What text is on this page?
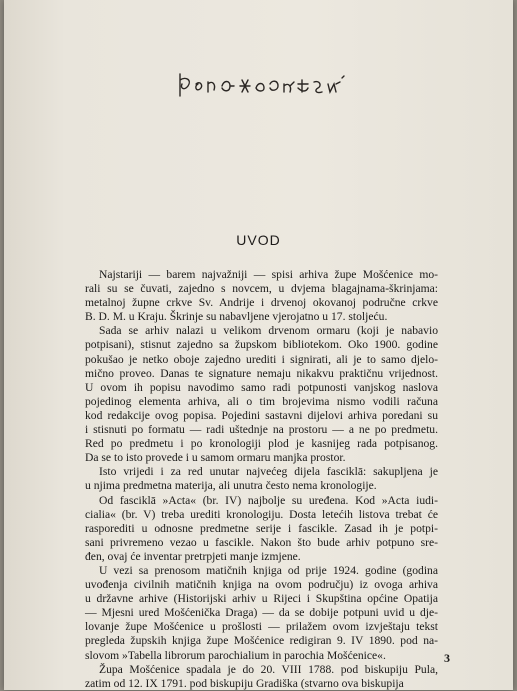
UVOD

Najstariji — barem najvažniji — spisi arhiva župe Mošćenice mo-
rali su se čuvati, zajedno s novcem, u dvjema blagajnama-škrinjama:
metalnoj župne crkve Sv. Andrije i drvenoj okovanoj područne crkve
B. D. M. u Kraju. Škrinje su nabavljene vjerojatno u 17. stoljeću.

Sada se arhiv nalazi u velikom drvenom ormaru (koji je nabavio
potpisani), stisnut zajedno sa župskom bibliotekom. Oko 1900. godine
pokušao je netko oboje zajedno urediti i signirati, ali je to samo djelo-
mično proveo. Danas te signature nemaju nikakvu praktičnu vrijednost.
U ovom ih popisu navodimo samo radi potpunosti vanjskog naslova
pojedinog elementa arhiva, ali o tim brojevima nismo vodili računa
kod redakcije ovog popisa. Pojedini sastavni dijelovi arhiva poredani su
i stisnuti po formatu — radi uštednje na prostoru — a ne po predmetu.
Red po predmetu i po kronologiji plod je kasnijeg rada potpisanog.
Da se to isto provede i u samom ormaru manjka prostor.

Isto vrijedi i za red unutar najvećeg dijela fasciklā: sakupljena je
u njima predmetna materija, ali unutra često nema kronologije.

Od fasciklā »Acta« (br. IV) najbolje su uređena. Kod »Acta iudi-
cialia« (br. V) treba urediti kronologiju. Dosta letećih listova trebat će
rasporediti u odnosne predmetne serije i fascikle. Zasad ih je potpi-
sani privremeno vezao u fascikle. Nakon što bude arhiv potpuno sre-
đen, ovaj će inventar pretrpjeti manje izmjene.

U vezi sa prenosom matičnih knjiga od prije 1924. godine (godina
uvođenja civilnih matičnih knjiga na ovom području) iz ovoga arhiva
u državne arhive (Historijski arhiv u Rijeci i Skupština općine Opatija
— Mjesni ured Mošćenička Draga) — da se dobije potpuni uvid u dje-
lovanje župe Mošćenice u prošlosti — prilažem ovom izvještaju tekst
pregleda župskih knjiga župe Mošćenice redigiran 9. IV 1890. pod na-
slovom »Tabella librorum parochialium in parochia Mošćenice«.

Župa Mošćenice spadala je do 20. VIII 1788. pod biskupiju Pula,
zatim od 12. IX 1791. pod biskupiju Gradiška (stvarno ova biskupija

3
